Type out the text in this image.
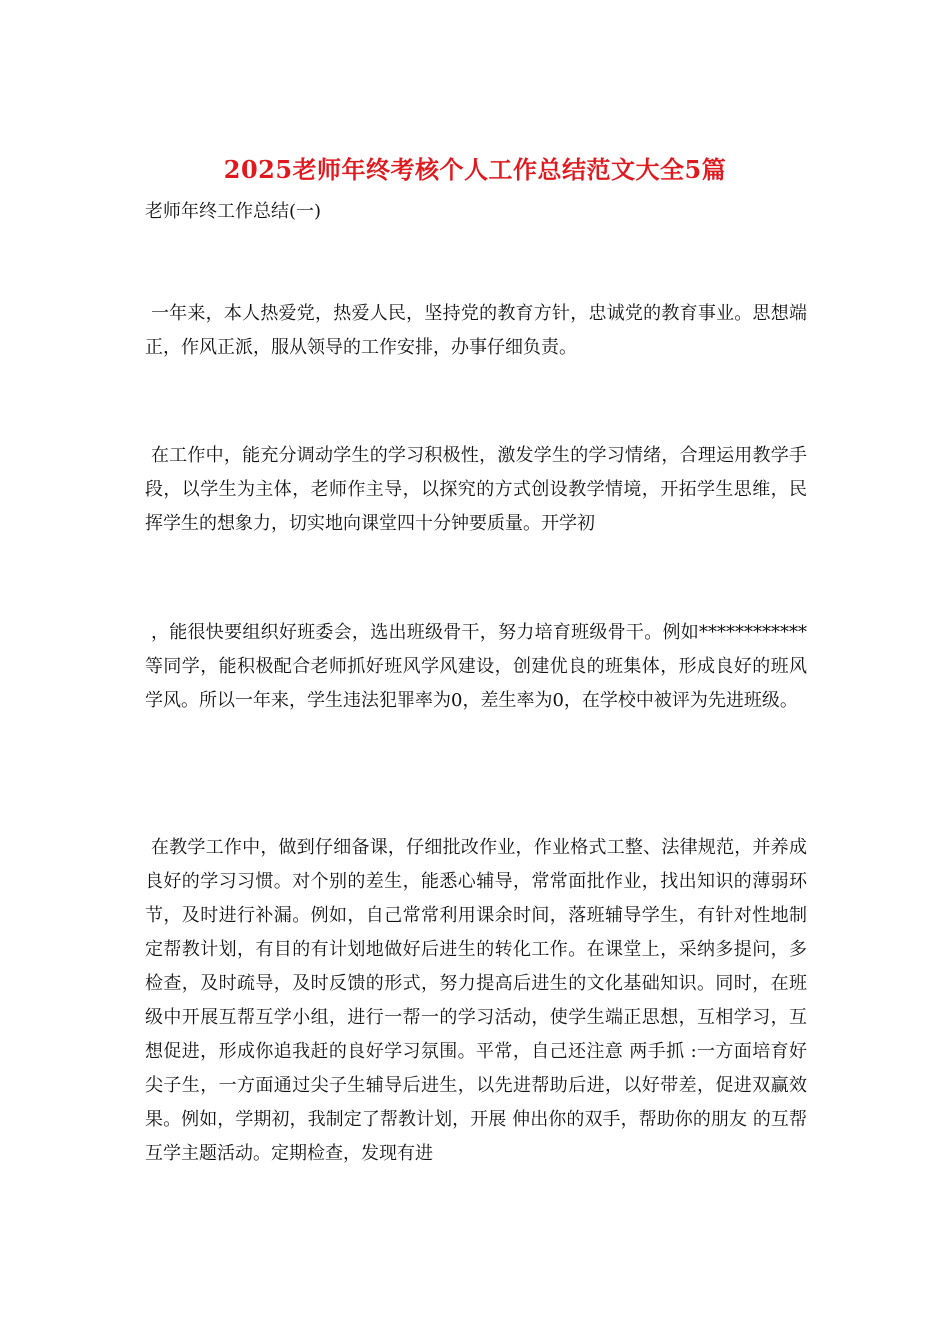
2025老师年终考核个人工作总结范文大全5篇
老师年终工作总结(一)

一年来，本人热爱党，热爱人民，坚持党的教育方针，忠诚党的教育事业。思想端正，作风正派，服从领导的工作安排，办事仔细负责。

在工作中，能充分调动学生的学习积极性，激发学生的学习情绪，合理运用教学手段，以学生为主体，老师作主导，以探究的方式创设教学情境，开拓学生思维，民挥学生的想象力，切实地向课堂四十分钟要质量。开学初

，能很快要组织好班委会，选出班级骨干，努力培育班级骨干。例如************等同学，能积极配合老师抓好班风学风建设，创建优良的班集体，形成良好的班风学风。所以一年来，学生违法犯罪率为0，差生率为0，在学校中被评为先进班级。

在教学工作中，做到仔细备课，仔细批改作业，作业格式工整、法律规范，并养成良好的学习习惯。对个别的差生，能悉心辅导，常常面批作业，找出知识的薄弱环节，及时进行补漏。例如，自己常常利用课余时间，落班辅导学生，有针对性地制定帮教计划，有目的有计划地做好后进生的转化工作。在课堂上，采纳多提问，多检查，及时疏导，及时反馈的形式，努力提高后进生的文化基础知识。同时，在班级中开展互帮互学小组，进行一帮一的学习活动，使学生端正思想，互相学习，互想促进，形成你追我赶的良好学习氛围。平常，自己还注意 两手抓 :一方面培育好尖子生，一方面通过尖子生辅导后进生，以先进帮助后进，以好带差，促进双赢效果。例如，学期初，我制定了帮教计划，开展 伸出你的双手，帮助你的朋友 的互帮互学主题活动。定期检查，发现有进
